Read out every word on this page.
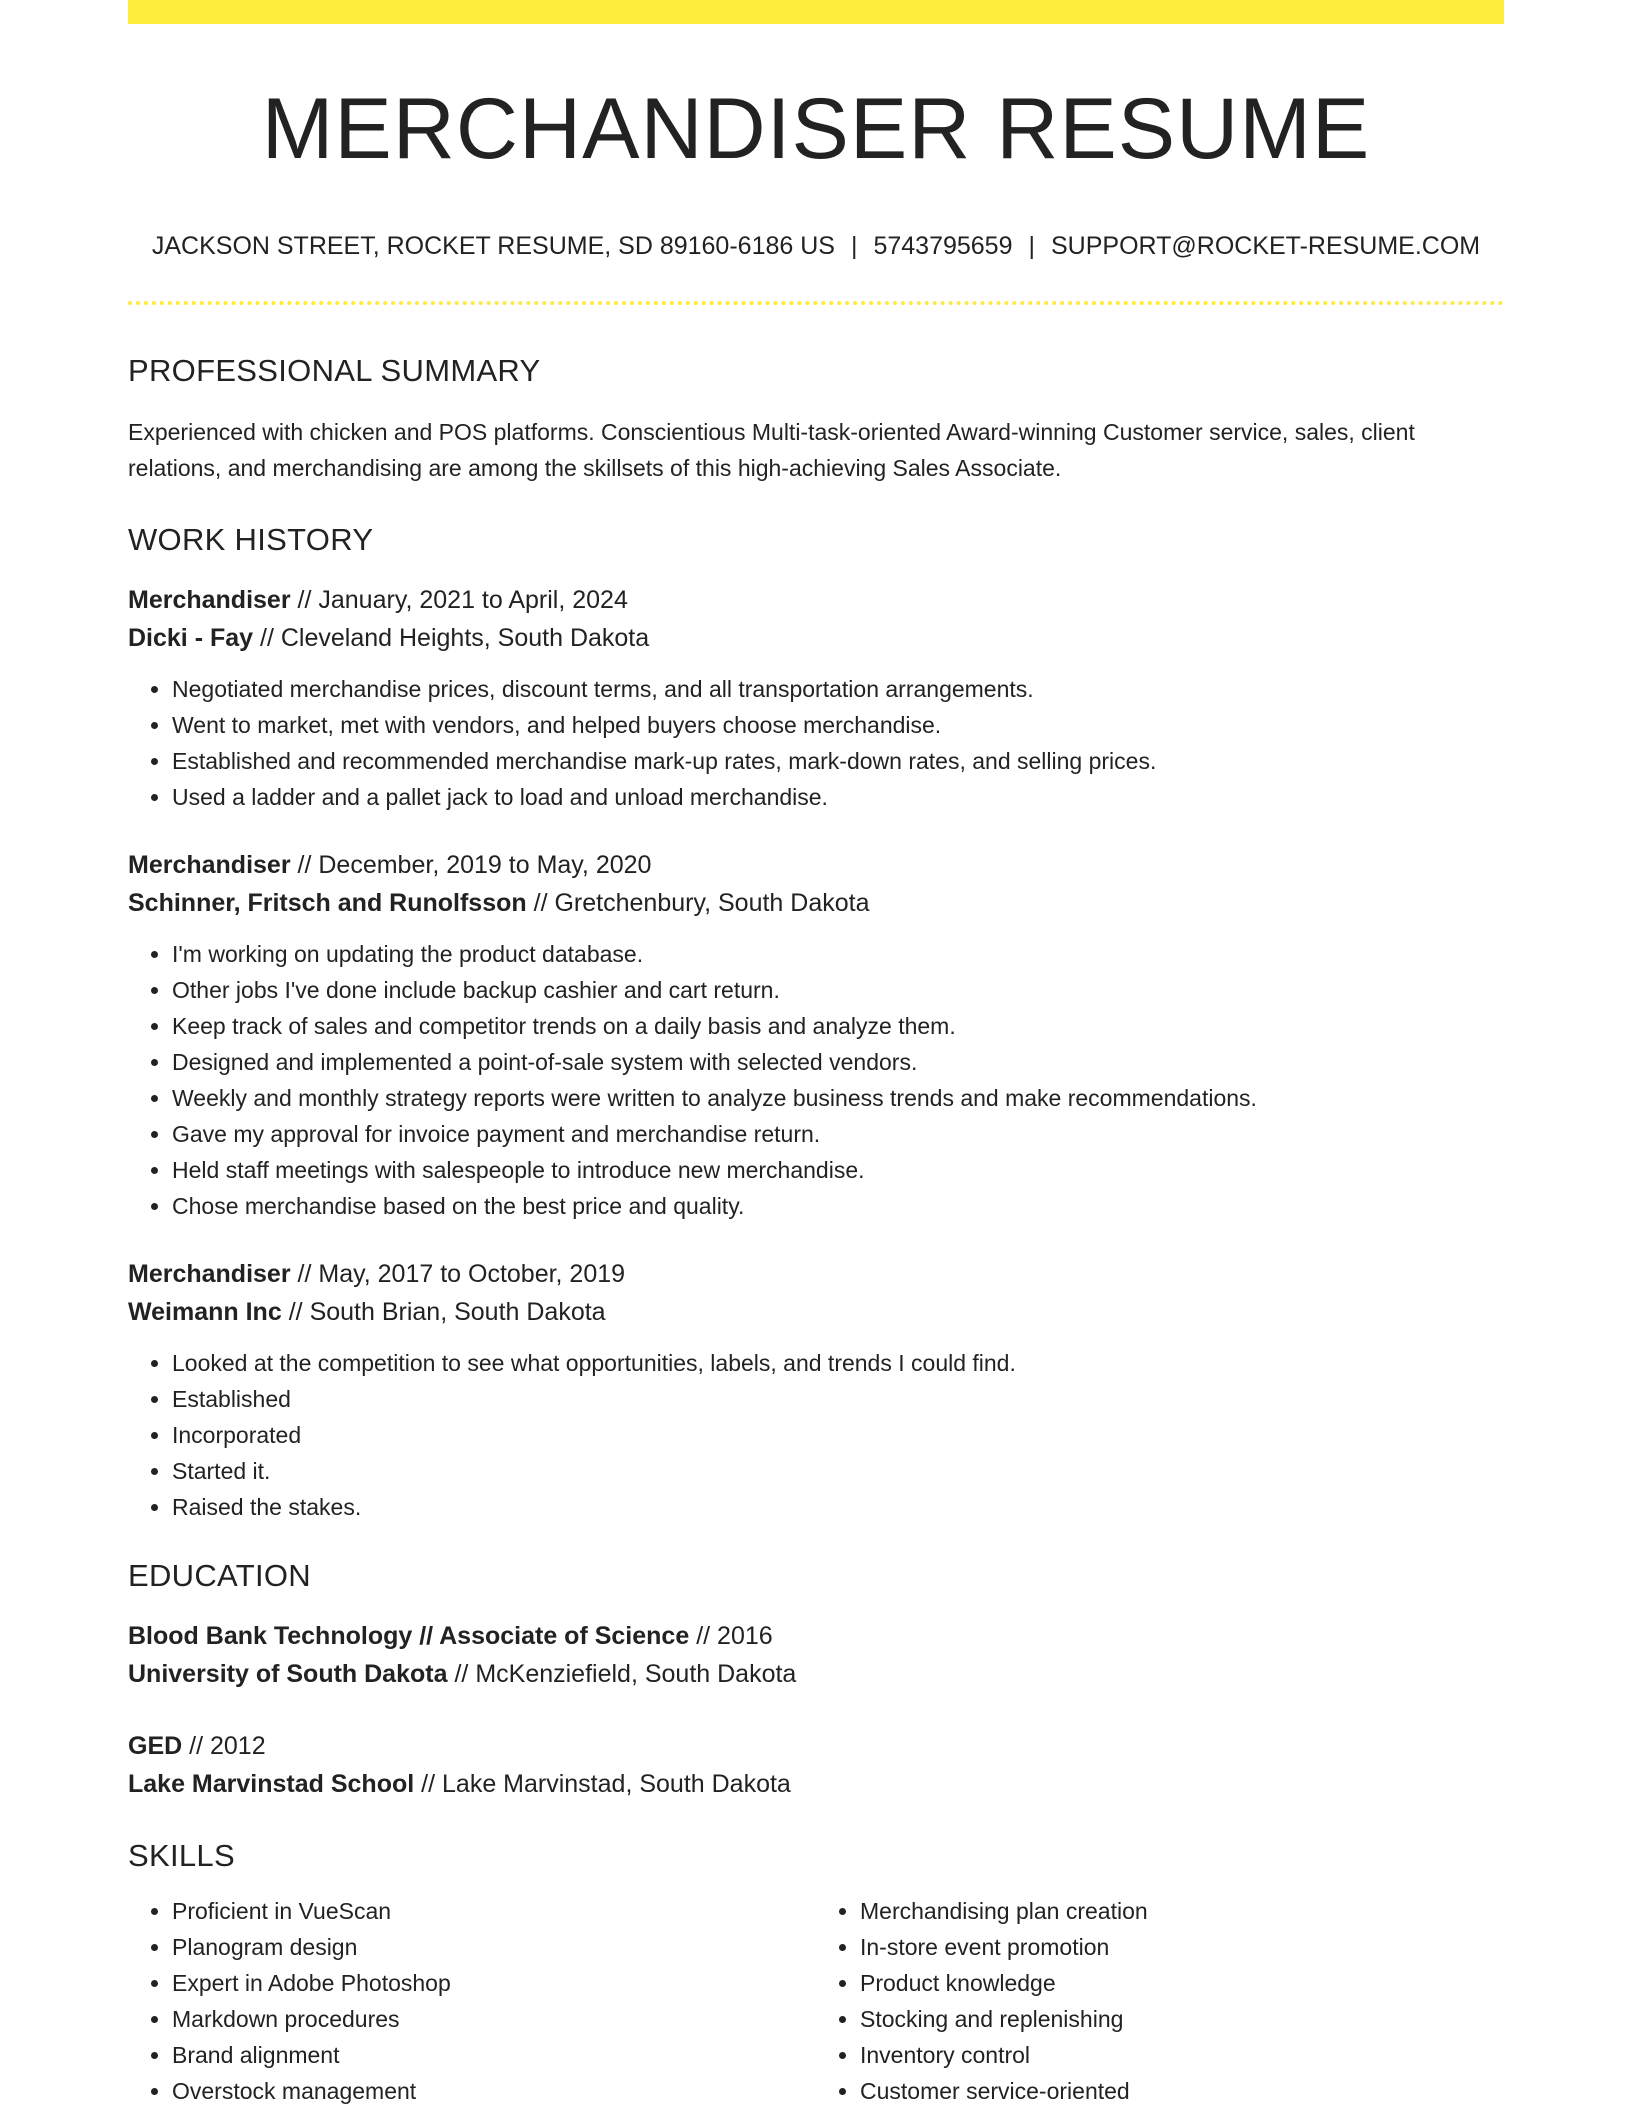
MERCHANDISER RESUME
JACKSON STREET, ROCKET RESUME, SD 89160-6186 US | 5743795659 | SUPPORT@ROCKET-RESUME.COM
PROFESSIONAL SUMMARY

Experienced with chicken and POS platforms. Conscientious Multi-task-oriented Award-winning Customer service, sales, client relations, and merchandising are among the skillsets of this high-achieving Sales Associate.

WORK HISTORY
Merchandiser // January, 2021 to April, 2024
Dicki - Fay // Cleveland Heights, South Dakota
• Negotiated merchandise prices, discount terms, and all transportation arrangements.
• Went to market, met with vendors, and helped buyers choose merchandise.
• Established and recommended merchandise mark-up rates, mark-down rates, and selling prices.
• Used a ladder and a pallet jack to load and unload merchandise.
Merchandiser // December, 2019 to May, 2020
Schinner, Fritsch and Runolfsson // Gretchenbury, South Dakota
• I'm working on updating the product database.
• Other jobs I've done include backup cashier and cart return.
• Keep track of sales and competitor trends on a daily basis and analyze them.
• Designed and implemented a point-of-sale system with selected vendors.
• Weekly and monthly strategy reports were written to analyze business trends and make recommendations.
• Gave my approval for invoice payment and merchandise return.
• Held staff meetings with salespeople to introduce new merchandise.
• Chose merchandise based on the best price and quality.
Merchandiser // May, 2017 to October, 2019
Weimann Inc // South Brian, South Dakota
• Looked at the competition to see what opportunities, labels, and trends I could find.
• Established
• Incorporated
• Started it.
• Raised the stakes.
EDUCATION
Blood Bank Technology // Associate of Science // 2016
University of South Dakota // McKenziefield, South Dakota
GED // 2012
Lake Marvinstad School // Lake Marvinstad, South Dakota
SKILLS
• Proficient in VueScan
• Planogram design
• Expert in Adobe Photoshop
• Markdown procedures
• Brand alignment
• Overstock management
• Merchandising plan creation
• In-store event promotion
• Product knowledge
• Stocking and replenishing
• Inventory control
• Customer service-oriented
